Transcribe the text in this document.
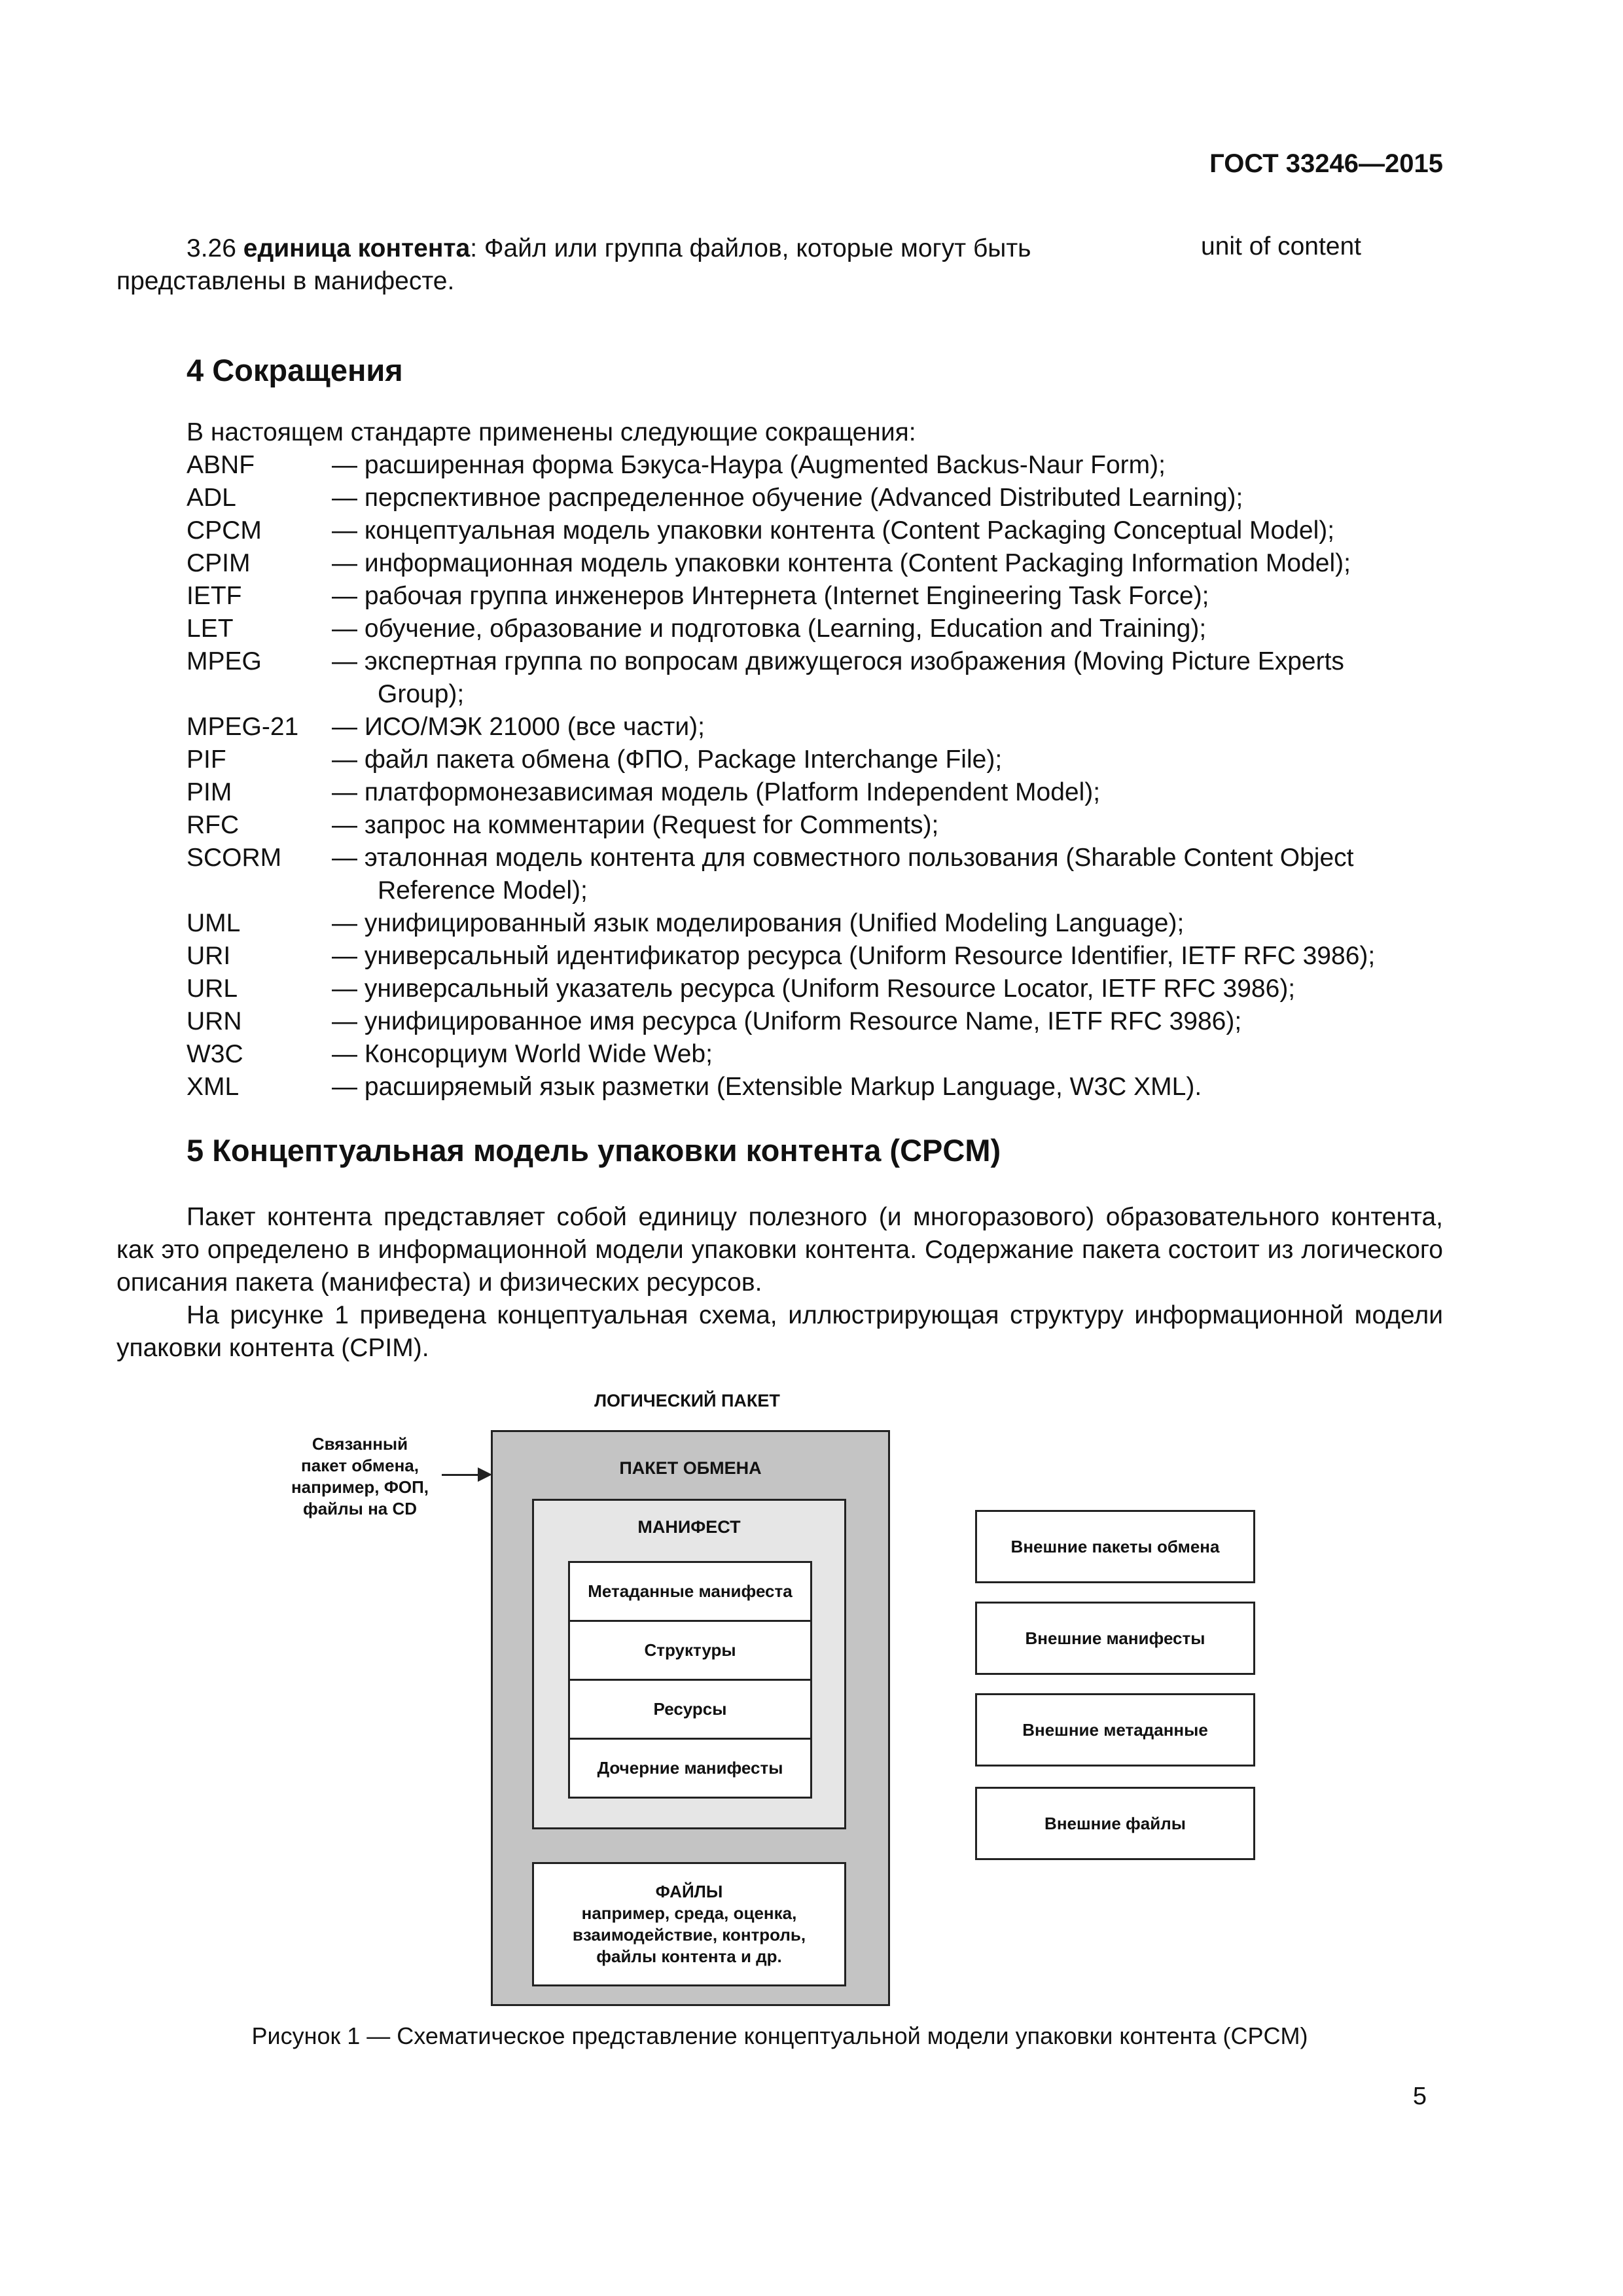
ГОСТ 33246—2015

3.26 единица контента: Файл или группа файлов, которые могут быть представлены в манифесте.

unit of content
4 Сокращения
В настоящем стандарте применены следующие сокращения:
ABNF	— расширенная форма Бэкуса-Наура (Augmented Backus-Naur Form);
ADL	— перспективное распределенное обучение (Advanced Distributed Learning);
CPCM	— концептуальная модель упаковки контента (Content Packaging Conceptual Model);
CPIM	— информационная модель упаковки контента (Content Packaging Information Model);
IETF	— рабочая группа инженеров Интернета (Internet Engineering Task Force);
LET	— обучение, образование и подготовка (Learning, Education and Training);
MPEG	— экспертная группа по вопросам движущегося изображения (Moving Picture Experts
Group);
MPEG-21	— ИСО/МЭК 21000 (все части);
PIF	— файл пакета обмена (ФПО, Package Interchange File);
PIM	— платформонезависимая модель (Platform Independent Model);
RFC	— запрос на комментарии (Request for Comments);
SCORM	— эталонная модель контента для совместного пользования (Sharable Content Object
Reference Model);
UML	— унифицированный язык моделирования (Unified Modeling Language);
URI	— универсальный идентификатор ресурса (Uniform Resource Identifier, IETF RFC 3986);
URL	— универсальный указатель ресурса (Uniform Resource Locator, IETF RFC 3986);
URN	— унифицированное имя ресурса (Uniform Resource Name, IETF RFC 3986);
W3C	— Консорциум World Wide Web;
XML	— расширяемый язык разметки (Extensible Markup Language, W3C XML).
5 Концептуальная модель упаковки контента (CPCM)

Пакет контента представляет собой единицу полезного (и многоразового) образовательного контента, как это определено в информационной модели упаковки контента. Содержание пакета состоит из логического описания пакета (манифеста) и физических ресурсов.

На рисунке 1 приведена концептуальная схема, иллюстрирующая структуру информационной модели упаковки контента (CPIM).

ЛОГИЧЕСКИЙ ПАКЕТ
Связанный
пакет обмена,
например, ФОП,
файлы на CD
ПАКЕТ ОБМЕНА
МАНИФЕСТ
Метаданные манифеста
Структуры
Ресурсы
Дочерние манифесты
ФАЙЛЫ
например, среда, оценка,
взаимодействие, контроль,
файлы контента и др.
Внешние пакеты обмена
Внешние манифесты
Внешние метаданные
Внешние файлы
Рисунок 1 — Схематическое представление концептуальной модели упаковки контента (CPCM)
5
